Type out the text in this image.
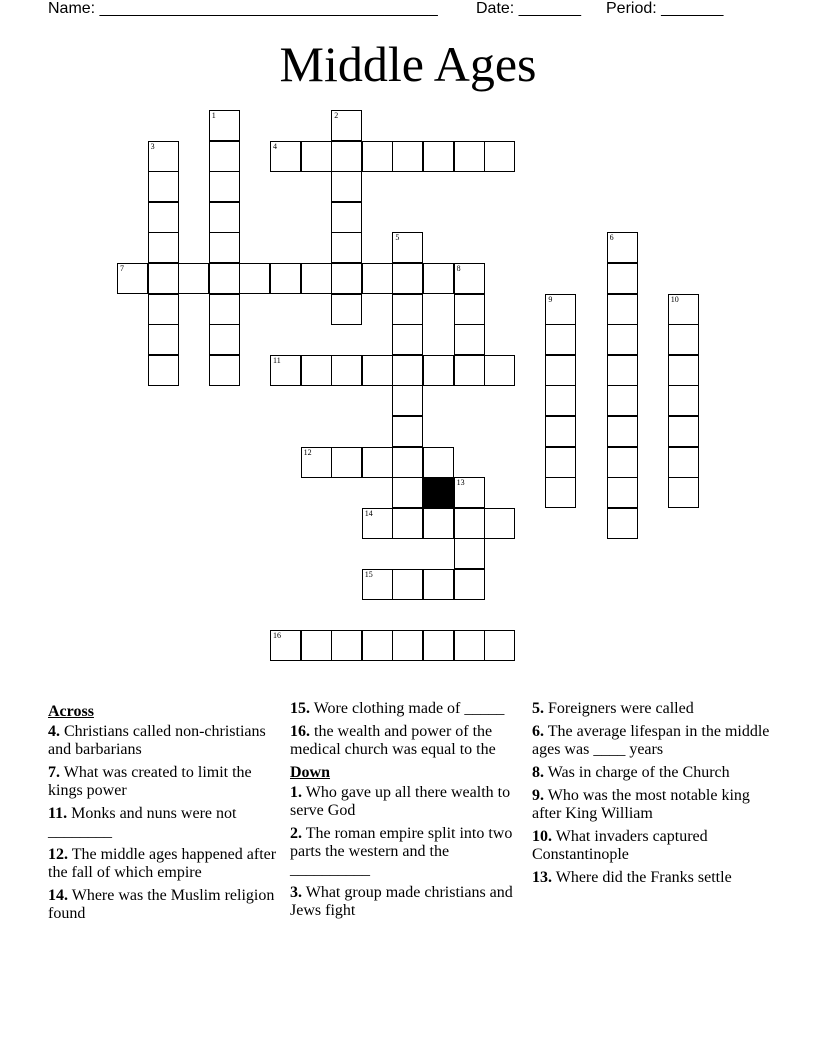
Name: ______________________________________ Date: _______ Period: _______
Middle Ages
1	2
3	4
5	6
7	8
9	10
11
12
13
14
15
16
Across
4. Christians called non-christians and barbarians
7. What was created to limit the kings power
11. Monks and nuns were not ________
12. The middle ages happened after the fall of which empire
14. Where was the Muslim religion found
15. Wore clothing made of _____
16. the wealth and power of the medical church was equal to the
Down
1. Who gave up all there wealth to serve God
2. The roman empire split into two parts the western and the __________
3. What group made christians and Jews fight
5. Foreigners were called
6. The average lifespan in the middle ages was ____ years
8. Was in charge of the Church
9. Who was the most notable king after King William
10. What invaders captured Constantinople
13. Where did the Franks settle
